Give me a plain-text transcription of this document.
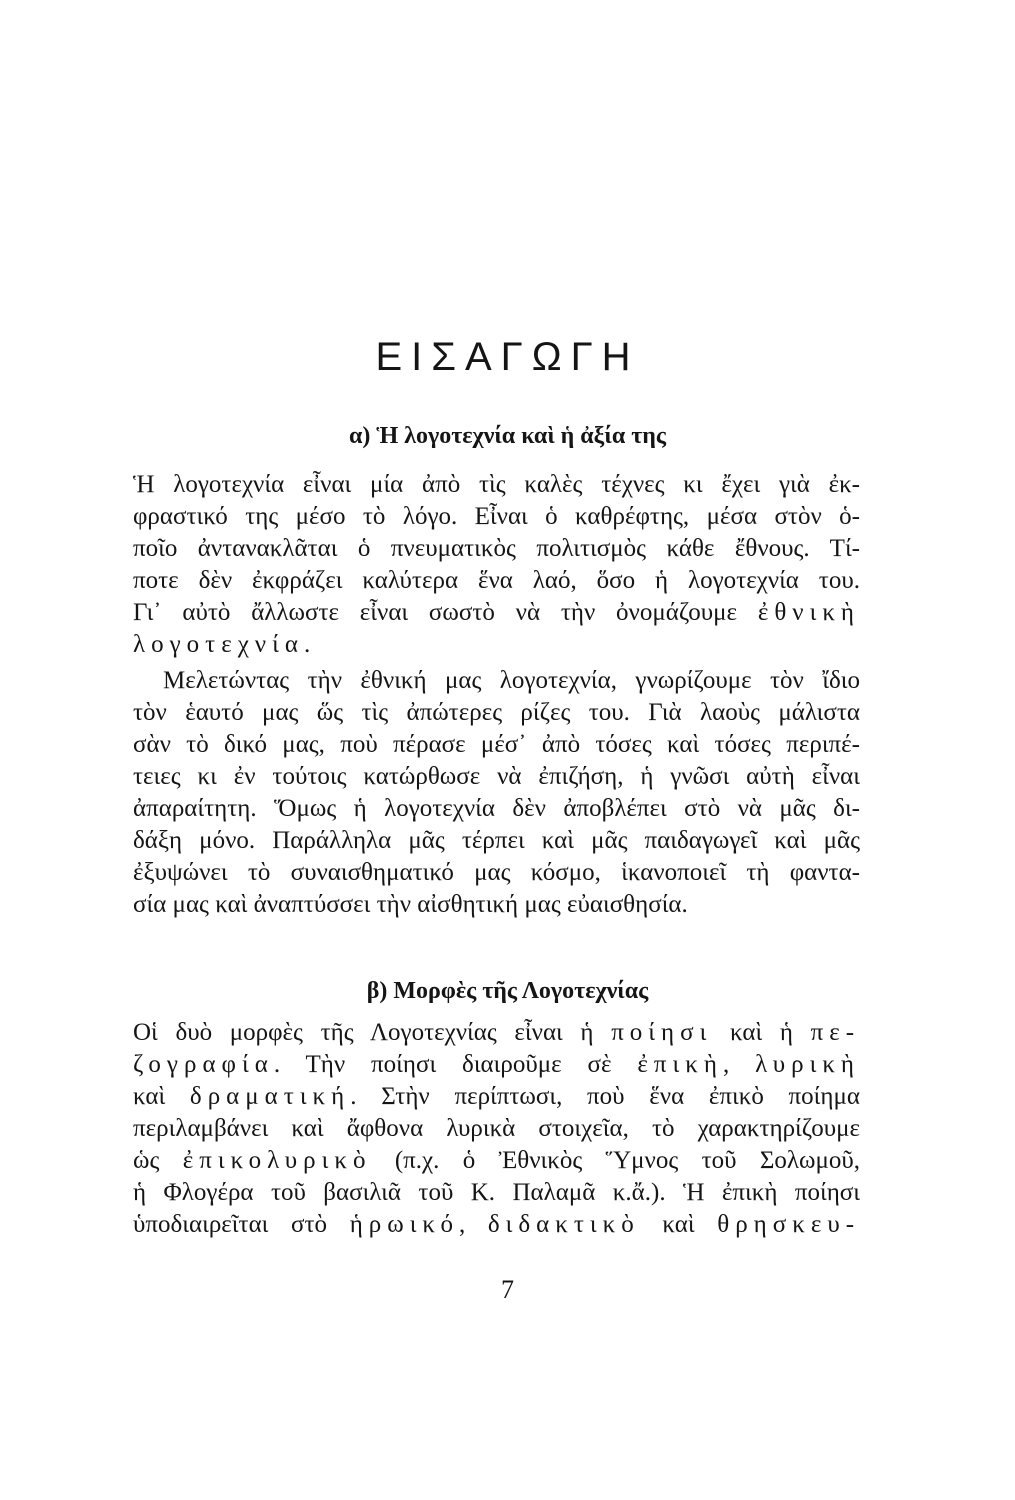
ΕΙΣΑΓΩΓΗ
α) Ἡ λογοτεχνία καὶ ἡ ἀξία της

Ἡ λογοτεχνία εἶναι μία ἀπὸ τὶς καλὲς τέχνες κι ἔχει γιὰ ἐκ-

φραστικό της μέσο τὸ λόγο. Εἶναι ὁ καθρέφτης, μέσα στὸν ὁ-

ποῖο ἀντανακλᾶται ὁ πνευματικὸς πολιτισμὸς κάθε ἔθνους. Τί-

ποτε δὲν ἐκφράζει καλύτερα ἕνα λαό, ὅσο ἡ λογοτεχνία του.

Γι᾽ αὐτὸ ἄλλωστε εἶναι σωστὸ νὰ τὴν ὀνομάζουμε ἐθνικὴ

λογοτεχνία.

Μελετώντας τὴν ἐθνική μας λογοτεχνία, γνωρίζουμε τὸν ἴδιο

τὸν ἑαυτό μας ὥς τὶς ἀπώτερες ρίζες του. Γιὰ λαοὺς μάλιστα

σὰν τὸ δικό μας, ποὺ πέρασε μέσ᾽ ἀπὸ τόσες καὶ τόσες περιπέ-

τειες κι ἐν τούτοις κατώρθωσε νὰ ἐπιζήση, ἡ γνῶσι αὐτὴ εἶναι

ἀπαραίτητη. Ὅμως ἡ λογοτεχνία δὲν ἀποβλέπει στὸ νὰ μᾶς δι-

δάξη μόνο. Παράλληλα μᾶς τέρπει καὶ μᾶς παιδαγωγεῖ καὶ μᾶς

ἐξυψώνει τὸ συναισθηματικό μας κόσμο, ἱκανοποιεῖ τὴ φαντα-

σία μας καὶ ἀναπτύσσει τὴν αἰσθητική μας εὐαισθησία.

β) Μορφὲς τῆς Λογοτεχνίας

Οἱ δυὸ μορφὲς τῆς Λογοτεχνίας εἶναι ἡ ποίησι καὶ ἡ πε-

ζογραφία. Τὴν ποίησι διαιροῦμε σὲ ἐπικὴ, λυρικὴ

καὶ δραματική. Στὴν περίπτωσι, ποὺ ἕνα ἐπικὸ ποίημα

περιλαμβάνει καὶ ἄφθονα λυρικὰ στοιχεῖα, τὸ χαρακτηρίζουμε

ὡς ἐπικολυρικὸ (π.χ. ὁ Ἐθνικὸς Ὕμνος τοῦ Σολωμοῦ,

ἡ Φλογέρα τοῦ βασιλιᾶ τοῦ Κ. Παλαμᾶ κ.ἄ.). Ἡ ἐπικὴ ποίησι

ὑποδιαιρεῖται στὸ ἡρωικό, διδακτικὸ καὶ θρησκευ-

7
